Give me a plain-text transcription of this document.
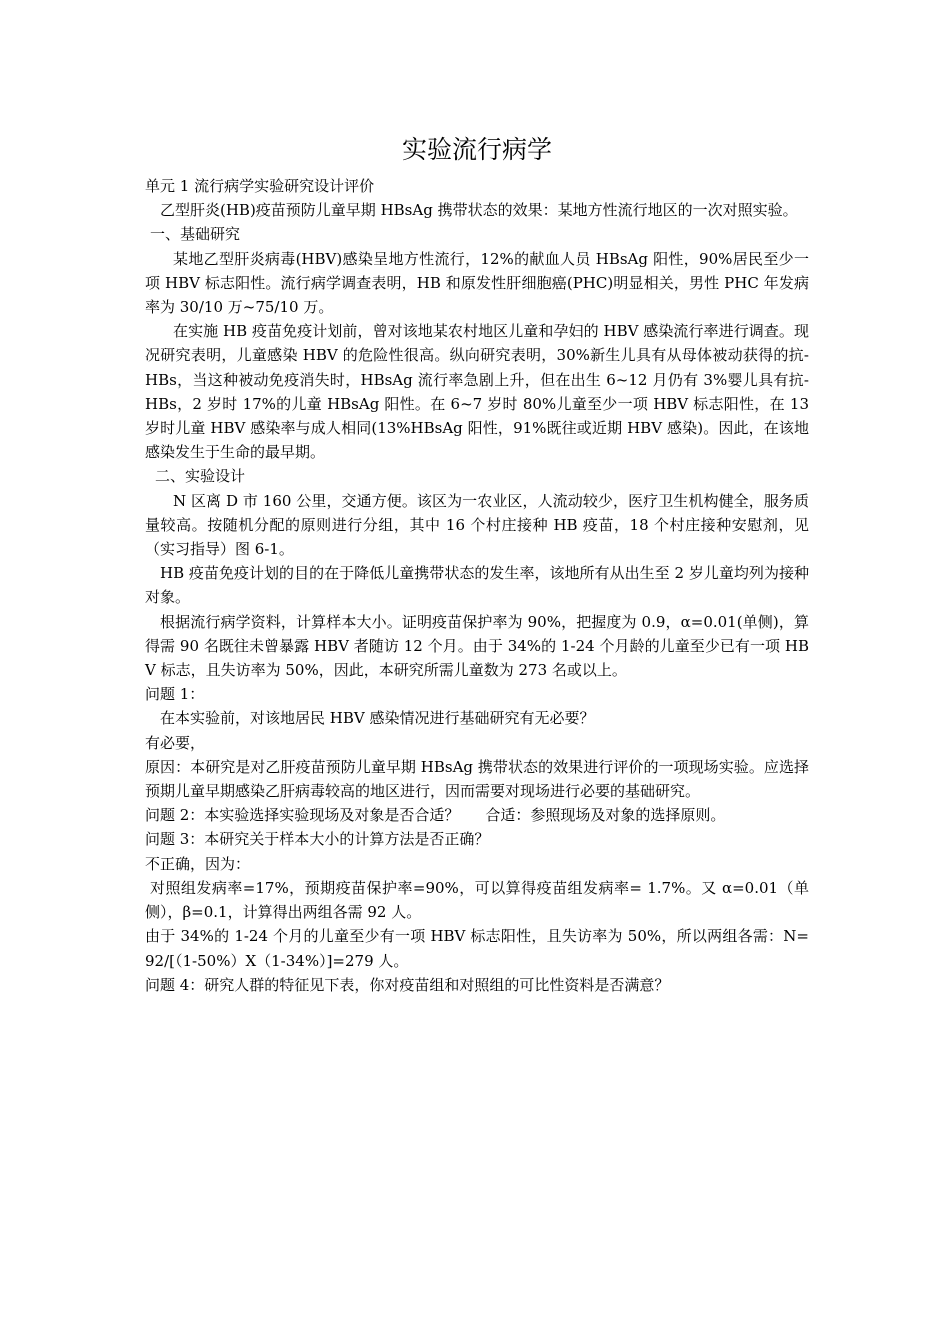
实验流行病学

单元 1 流行病学实验研究设计评价

乙型肝炎(HB)疫苗预防儿童早期 HBsAg 携带状态的效果：某地方性流行地区的一次对照实验。

一、基础研究

某地乙型肝炎病毒(HBV)感染呈地方性流行，12%的献血人员 HBsAg 阳性，90%居民至少一项 HBV 标志阳性。流行病学调查表明，HB 和原发性肝细胞癌(PHC)明显相关，男性 PHC 年发病率为 30/10 万~75/10 万。

在实施 HB 疫苗免疫计划前，曾对该地某农村地区儿童和孕妇的 HBV 感染流行率进行调查。现况研究表明，儿童感染 HBV 的危险性很高。纵向研究表明，30%新生儿具有从母体被动获得的抗-HBs，当这种被动免疫消失时，HBsAg 流行率急剧上升，但在出生 6~12 月仍有 3%婴儿具有抗-HBs，2 岁时 17%的儿童 HBsAg 阳性。在 6~7 岁时 80%儿童至少一项 HBV 标志阳性，在 13 岁时儿童 HBV 感染率与成人相同(13%HBsAg 阳性，91%既往或近期 HBV 感染)。因此，在该地感染发生于生命的最早期。

二、实验设计

N 区离 D 市 160 公里，交通方便。该区为一农业区，人流动较少，医疗卫生机构健全，服务质量较高。按随机分配的原则进行分组，其中 16 个村庄接种 HB 疫苗，18 个村庄接种安慰剂，见（实习指导）图 6-1。

HB 疫苗免疫计划的目的在于降低儿童携带状态的发生率，该地所有从出生至 2 岁儿童均列为接种对象。

根据流行病学资料，计算样本大小。证明疫苗保护率为 90%，把握度为 0.9，α=0.01(单侧)，算得需 90 名既往未曾暴露 HBV 者随访 12 个月。由于 34%的 1-24 个月龄的儿童至少已有一项 HBV 标志，且失访率为 50%，因此，本研究所需儿童数为 273 名或以上。

问题 1：

在本实验前，对该地居民 HBV 感染情况进行基础研究有无必要？

有必要，

原因：本研究是对乙肝疫苗预防儿童早期 HBsAg 携带状态的效果进行评价的一项现场实验。应选择预期儿童早期感染乙肝病毒较高的地区进行，因而需要对现场进行必要的基础研究。

问题 2：本实验选择实验现场及对象是否合适？ 合适：参照现场及对象的选择原则。

问题 3：本研究关于样本大小的计算方法是否正确？

不正确，因为：

对照组发病率=17%，预期疫苗保护率=90%，可以算得疫苗组发病率= 1.7%。又 α=0.01（单侧），β=0.1，计算得出两组各需 92 人。

由于 34%的 1-24 个月的儿童至少有一项 HBV 标志阳性，且失访率为 50%，所以两组各需：N=92/[（1-50%）X（1-34%）]=279 人。

问题 4：研究人群的特征见下表，你对疫苗组和对照组的可比性资料是否满意？
